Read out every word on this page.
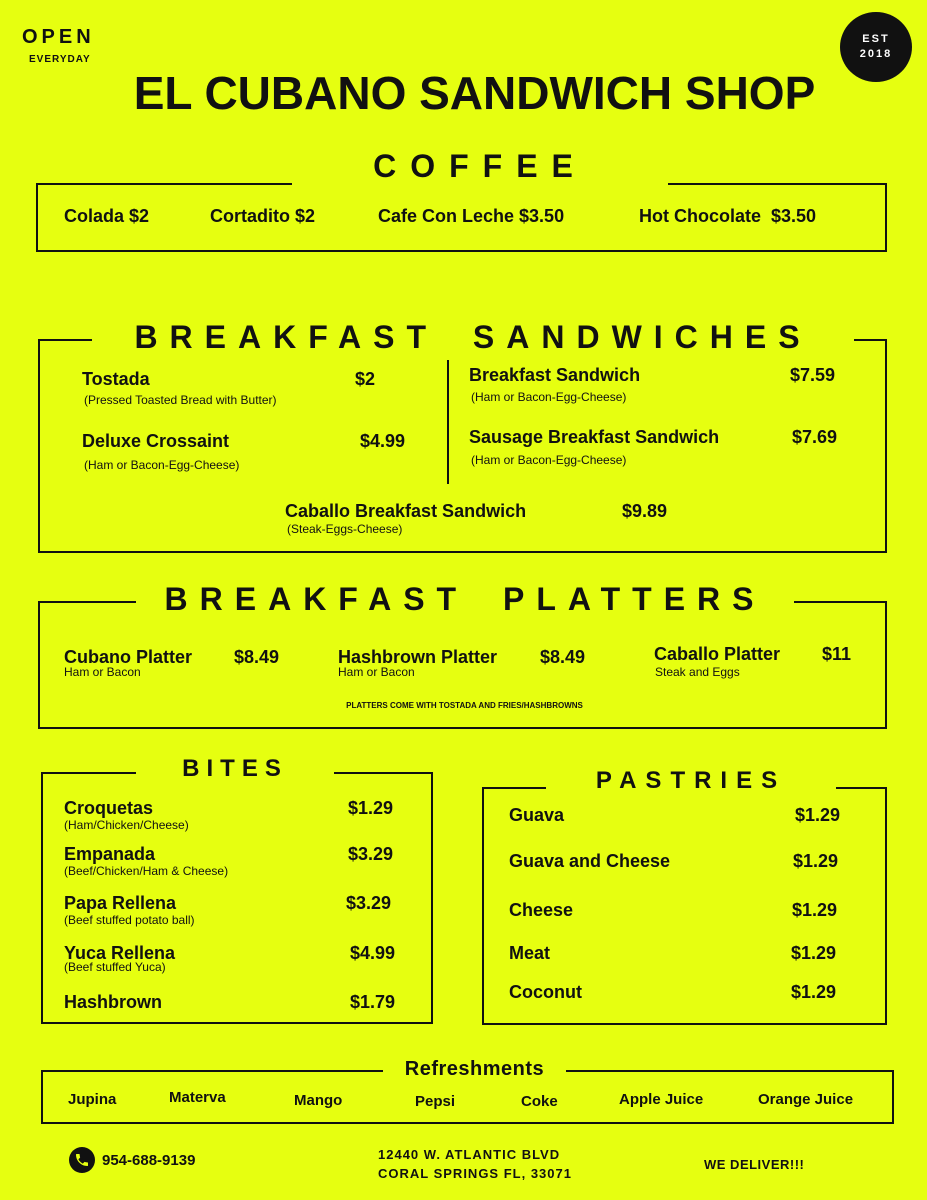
OPEN
EVERYDAY
EL CUBANO SANDWICH SHOP
EST
2018
COFFEE
Colada $2	Cortadito $2	Cafe Con Leche $3.50	Hot Chocolate  $3.50
BREAKFAST SANDWICHES
Tostada
(Pressed Toasted Bread with Butter)
$2
Deluxe Crossaint
(Ham or Bacon-Egg-Cheese)
$4.99
Breakfast Sandwich
(Ham or Bacon-Egg-Cheese)
$7.59
Sausage Breakfast Sandwich
(Ham or Bacon-Egg-Cheese)
$7.69
Caballo Breakfast Sandwich
(Steak-Eggs-Cheese)
$9.89
BREAKFAST PLATTERS
Cubano Platter
Ham or Bacon
$8.49	Hashbrown Platter
Ham or Bacon
$8.49	Caballo Platter
Steak and Eggs
$11
PLATTERS COME WITH TOSTADA AND FRIES/HASHBROWNS
BITES
Croquetas
(Ham/Chicken/Cheese)
$1.29
Empanada
(Beef/Chicken/Ham & Cheese)
$3.29
Papa Rellena
(Beef stuffed potato ball)
$3.29
Yuca Rellena
(Beef stuffed Yuca)
$4.99
Hashbrown	$1.79
PASTRIES
Guava	$1.29
Guava and Cheese	$1.29
Cheese	$1.29
Meat	$1.29
Coconut	$1.29
Refreshments
Jupina	Materva	Mango	Pepsi	Coke	Apple Juice	Orange Juice
954-688-9139	12440 W. ATLANTIC BLVD
CORAL SPRINGS FL, 33071
WE DELIVER!!!
